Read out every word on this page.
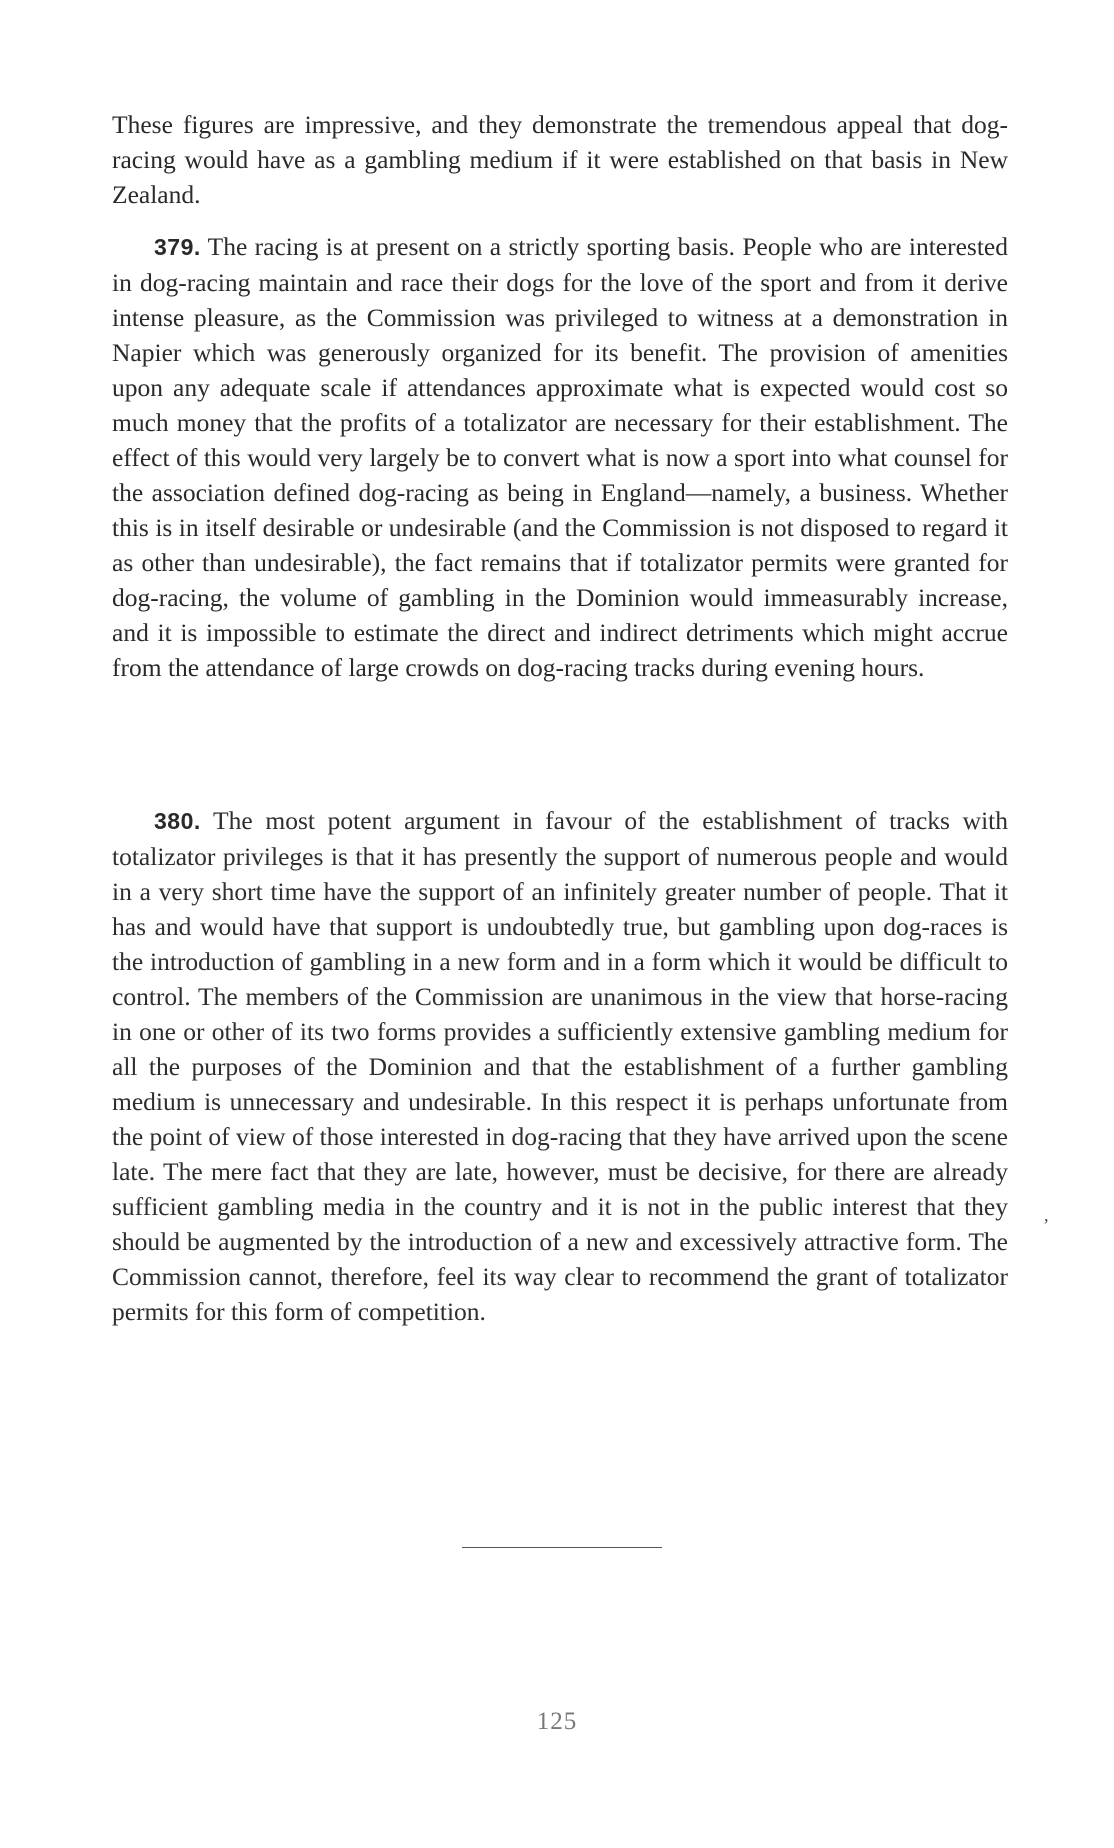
These figures are impressive, and they demonstrate the tremendous appeal that dog-racing would have as a gambling medium if it were established on that basis in New Zealand.

379. The racing is at present on a strictly sporting basis. People who are interested in dog-racing maintain and race their dogs for the love of the sport and from it derive intense pleasure, as the Commission was privileged to witness at a demonstration in Napier which was generously organized for its benefit. The provision of amenities upon any adequate scale if attendances approximate what is expected would cost so much money that the profits of a totalizator are necessary for their establishment. The effect of this would very largely be to convert what is now a sport into what counsel for the association defined dog-racing as being in England—namely, a business. Whether this is in itself desirable or undesirable (and the Commission is not disposed to regard it as other than undesirable), the fact remains that if totalizator permits were granted for dog-racing, the volume of gambling in the Dominion would immeasurably increase, and it is impossible to estimate the direct and indirect detriments which might accrue from the attendance of large crowds on dog-racing tracks during evening hours.

380. The most potent argument in favour of the establishment of tracks with totalizator privileges is that it has presently the support of numerous people and would in a very short time have the support of an infinitely greater number of people. That it has and would have that support is undoubtedly true, but gambling upon dog-races is the introduction of gambling in a new form and in a form which it would be difficult to control. The members of the Commission are unanimous in the view that horse-racing in one or other of its two forms provides a sufficiently extensive gambling medium for all the purposes of the Dominion and that the establishment of a further gambling medium is unnecessary and undesirable. In this respect it is perhaps unfortunate from the point of view of those interested in dog-racing that they have arrived upon the scene late. The mere fact that they are late, however, must be decisive, for there are already sufficient gambling media in the country and it is not in the public interest that they should be augmented by the introduction of a new and excessively attractive form. The Commission cannot, therefore, feel its way clear to recommend the grant of totalizator permits for this form of competition.

,
125
